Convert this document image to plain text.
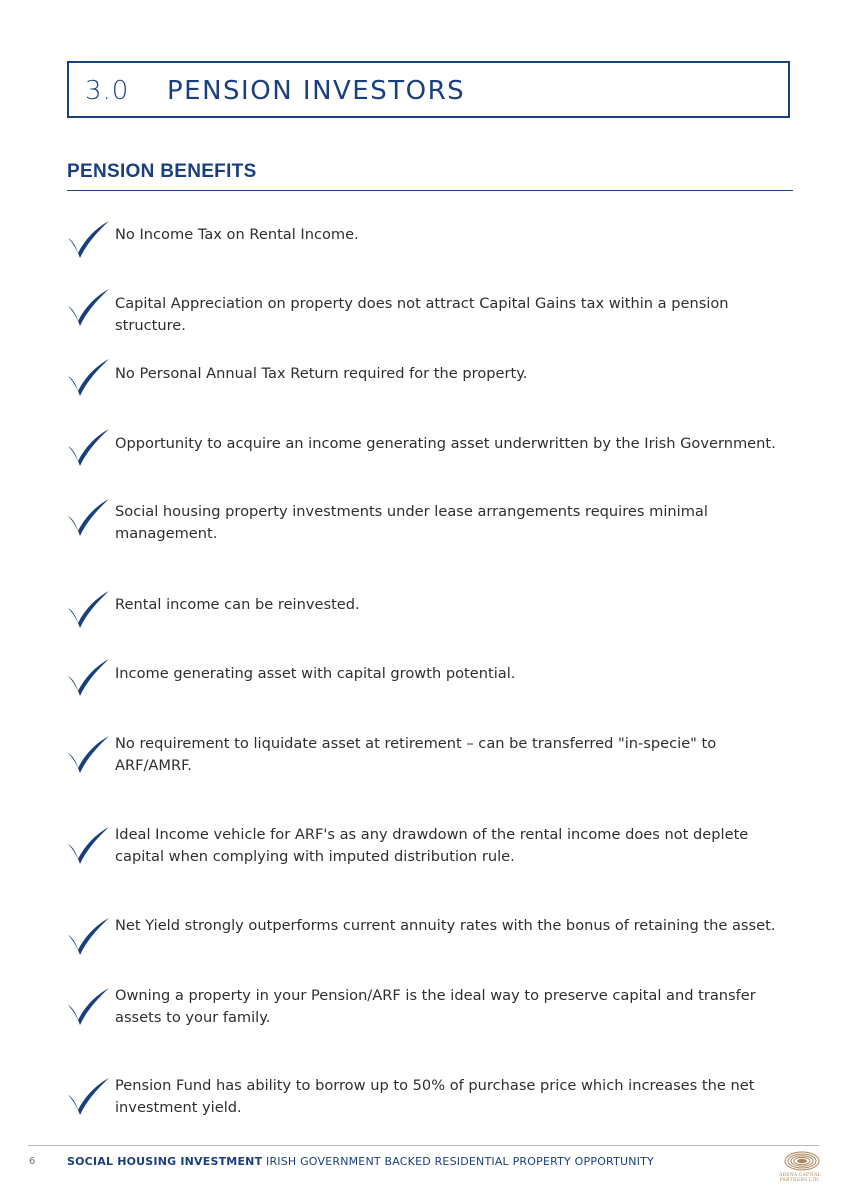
3.0 PENSION INVESTORS
PENSION BENEFITS
No Income Tax on Rental Income.
Capital Appreciation on property does not attract Capital Gains tax within a pension structure.
No Personal Annual Tax Return required for the property.
Opportunity to acquire an income generating asset underwritten by the Irish Government.
Social housing property investments under lease arrangements requires minimal management.
Rental income can be reinvested.
Income generating asset with capital growth potential.
No requirement to liquidate asset at retirement – can be transferred "in-specie" to ARF/AMRF.
Ideal Income vehicle for ARF's as any drawdown of the rental income does not deplete capital when complying with imputed distribution rule.
Net Yield strongly outperforms current annuity rates with the bonus of retaining the asset.
Owning a property in your Pension/ARF is the ideal way to preserve capital and transfer assets to your family.
Pension Fund has ability to borrow up to 50% of purchase price which increases the net investment yield.
6	SOCIAL HOUSING INVESTMENT IRISH GOVERNMENT BACKED RESIDENTIAL PROPERTY OPPORTUNITY
ARENA CAPITAL PARTNERS LTD.
